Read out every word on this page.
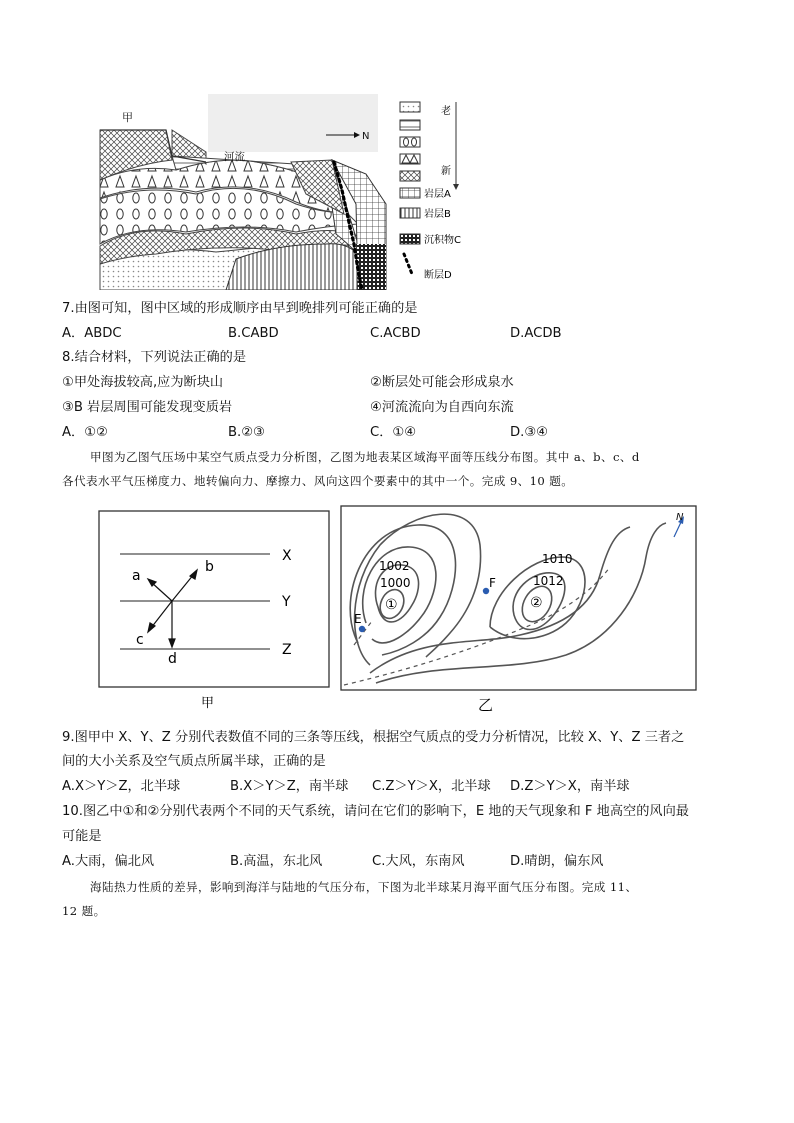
甲
河流
N
老
新
岩层A
岩层B
沉积物C
断层D
7.由图可知，图中区域的形成顺序由早到晚排列可能正确的是
A．ABDC	B.CABD	C.ACBD	D.ACDB
8.结合材料，下列说法正确的是
①甲处海拔较高,应为断块山	②断层处可能会形成泉水
③B 岩层周围可能发现变质岩	④河流流向为自西向东流
A．①②	B.②③	C．①④	D.③④
甲图为乙图气压场中某空气质点受力分析图，乙图为地表某区域海平面等压线分布图。其中 a、b、c、d
各代表水平气压梯度力、地转偏向力、摩擦力、风向这四个要素中的其中一个。完成 9、10 题。
X
Y
Z
a
b
c
d
甲
N
E
F
1002
1000
1010
1012
①	②
乙
9.图甲中 X、Y、Z 分别代表数值不同的三条等压线，根据空气质点的受力分析情况，比较 X、Y、Z 三者之
间的大小关系及空气质点所属半球，正确的是
A.X＞Y＞Z，北半球	B.X＞Y＞Z，南半球 C.Z＞Y＞X，北半球 D.Z＞Y＞X，南半球
10.图乙中①和②分别代表两个不同的天气系统，请问在它们的影响下，E 地的天气现象和 F 地高空的风向最
可能是
A.大雨，偏北风	B.高温，东北风	C.大风，东南风	D.晴朗，偏东风
海陆热力性质的差异，影响到海洋与陆地的气压分布，下图为北半球某月海平面气压分布图。完成 11、
12 题。
